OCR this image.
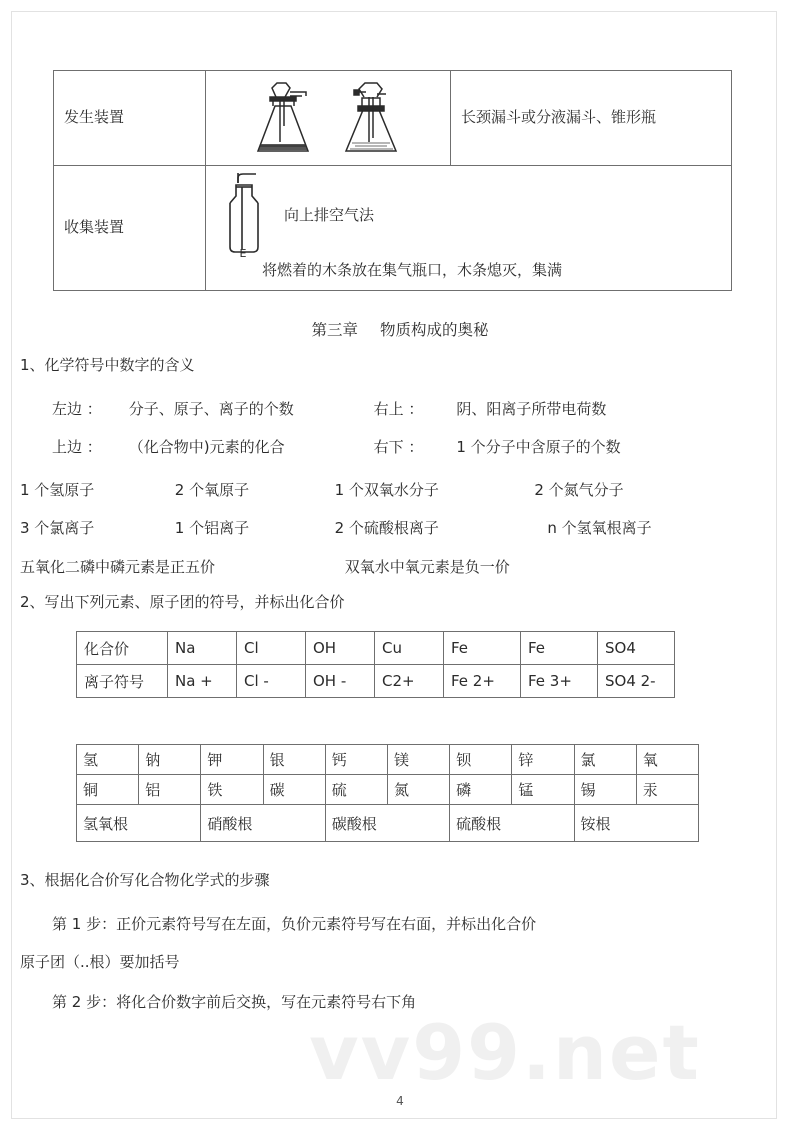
vv99.net
发生装置		长颈漏斗或分液漏斗、锥形瓶
收集装置	E
向上排空气法
将燃着的木条放在集气瓶口，木条熄灭，集满	
第三章 物质构成的奥秘
1、化学符号中数字的含义
左边 ： 分子、原子、离子的个数	右上 ： 阴、阳离子所带电荷数
上边 ： （化合物中)元素的化合	右下 ： 1 个分子中含原子的个数
1 个氢原子	2 个氧原子	1 个双氧水分子	2 个氮气分子
3 个氯离子	1 个铝离子	2 个硫酸根离子	n 个氢氧根离子
五氧化二磷中磷元素是正五价	双氧水中氧元素是负一价
2、写出下列元素、原子团的符号，并标出化合价
化合价	Na	Cl	OH	Cu	Fe	Fe	SO4
离子符号	Na +	Cl -	OH -	C2+	Fe 2+	Fe 3+	SO4 2-
氢	钠	钾	银	钙	镁	钡	锌	氯	氧
铜	铝	铁	碳	硫	氮	磷	锰	锡	汞
氢氧根		硝酸根		碳酸根		硫酸根		铵根	
3、根据化合价写化合物化学式的步骤
第 1 步：正价元素符号写在左面，负价元素符号写在右面，并标出化合价
原子团（..根）要加括号
第 2 步：将化合价数字前后交换，写在元素符号右下角
4
